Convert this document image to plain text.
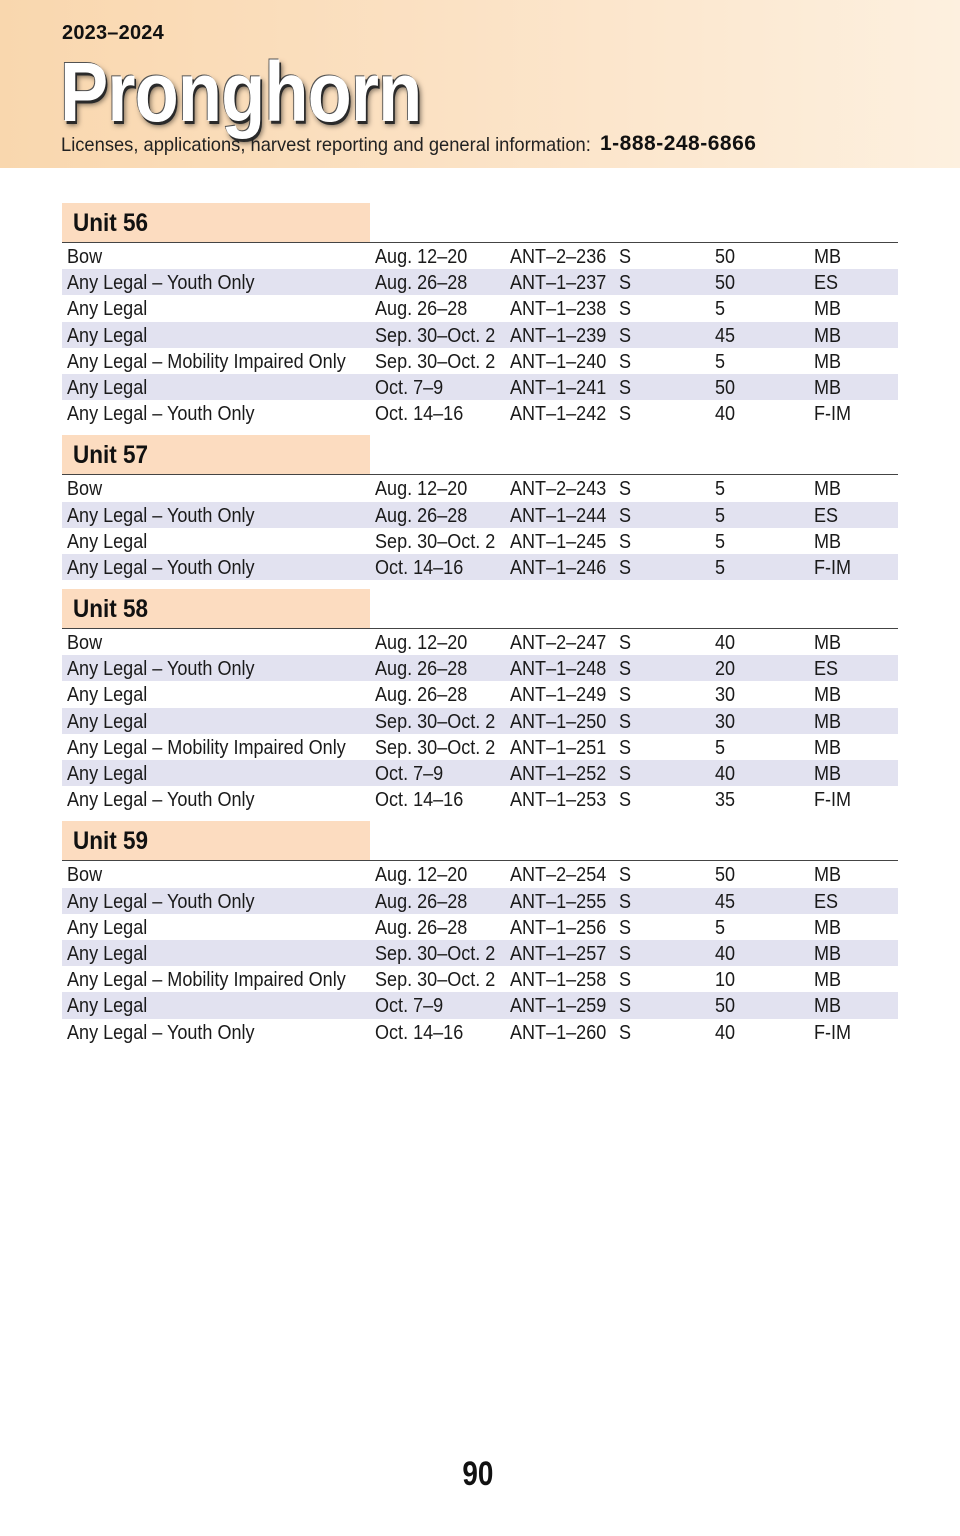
2023–2024
Pronghorn
Licenses, applications, harvest reporting and general information: 1-888-248-6866
Unit 56
Bow	Aug. 12–20	ANT–2–236 S	50	MB
Any Legal – Youth Only	Aug. 26–28	ANT–1–237 S	50	ES
Any Legal	Aug. 26–28	ANT–1–238 S	5	MB
Any Legal	Sep. 30–Oct. 2 ANT–1–239 S	45	MB
Any Legal – Mobility Impaired Only	Sep. 30–Oct. 2 ANT–1–240 S	5	MB
Any Legal	Oct. 7–9	ANT–1–241 S	50	MB
Any Legal – Youth Only	Oct. 14–16	ANT–1–242 S	40	F-IM
Unit 57
Bow	Aug. 12–20	ANT–2–243 S	5	MB
Any Legal – Youth Only	Aug. 26–28	ANT–1–244 S	5	ES
Any Legal	Sep. 30–Oct. 2 ANT–1–245 S	5	MB
Any Legal – Youth Only	Oct. 14–16	ANT–1–246 S	5	F-IM
Unit 58
Bow	Aug. 12–20	ANT–2–247 S	40	MB
Any Legal – Youth Only	Aug. 26–28	ANT–1–248 S	20	ES
Any Legal	Aug. 26–28	ANT–1–249 S	30	MB
Any Legal	Sep. 30–Oct. 2 ANT–1–250 S	30	MB
Any Legal – Mobility Impaired Only	Sep. 30–Oct. 2 ANT–1–251 S	5	MB
Any Legal	Oct. 7–9	ANT–1–252 S	40	MB
Any Legal – Youth Only	Oct. 14–16	ANT–1–253 S	35	F-IM
Unit 59
Bow	Aug. 12–20	ANT–2–254 S	50	MB
Any Legal – Youth Only	Aug. 26–28	ANT–1–255 S	45	ES
Any Legal	Aug. 26–28	ANT–1–256 S	5	MB
Any Legal	Sep. 30–Oct. 2 ANT–1–257 S	40	MB
Any Legal – Mobility Impaired Only	Sep. 30–Oct. 2 ANT–1–258 S	10	MB
Any Legal	Oct. 7–9	ANT–1–259 S	50	MB
Any Legal – Youth Only	Oct. 14–16	ANT–1–260 S	40	F-IM
90
